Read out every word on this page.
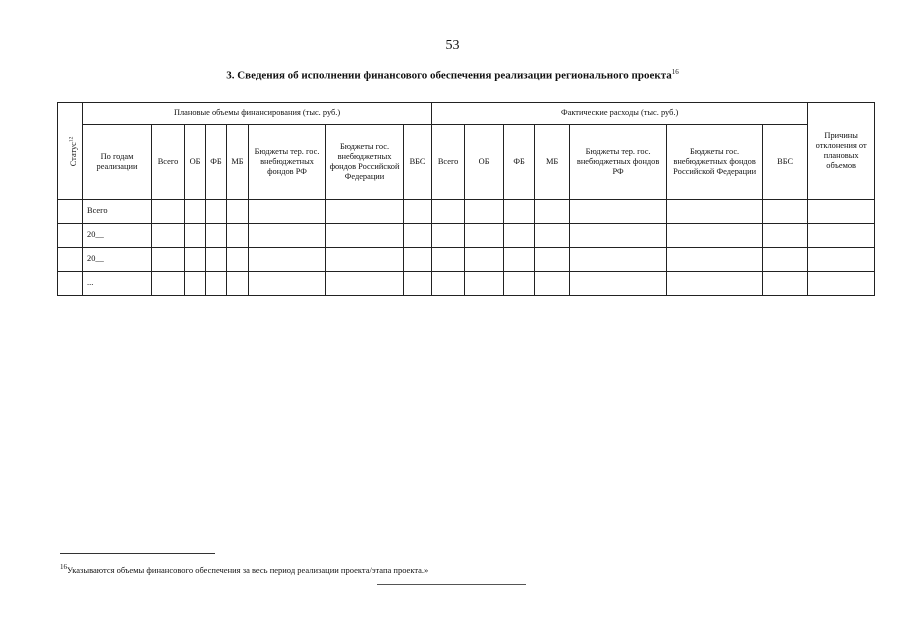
53
3. Сведения об исполнении финансового обеспечения реализации регионального проекта$^{16}$
Статус$^{12}$	Плановые объемы финансирования (тыс. руб.)								Фактические расходы (тыс. руб.)							Причины отклонения от плановых объемов
	По годам реализации	Всего	ОБ	ФБ	МБ	Бюджеты тер. гос. внебюджетных фондов РФ	Бюджеты гос. внебюджетных фондов Российской Федерации	ВБС	Всего	ОБ	ФБ	МБ	Бюджеты тер. гос. внебюджетных фондов РФ	Бюджеты гос. внебюджетных фондов Российской Федерации	ВБС	
	Всего															
	20__															
	20__															
	...															
$^{16}$Указываются объемы финансового обеспечения за весь период реализации проекта/этапа проекта.»
